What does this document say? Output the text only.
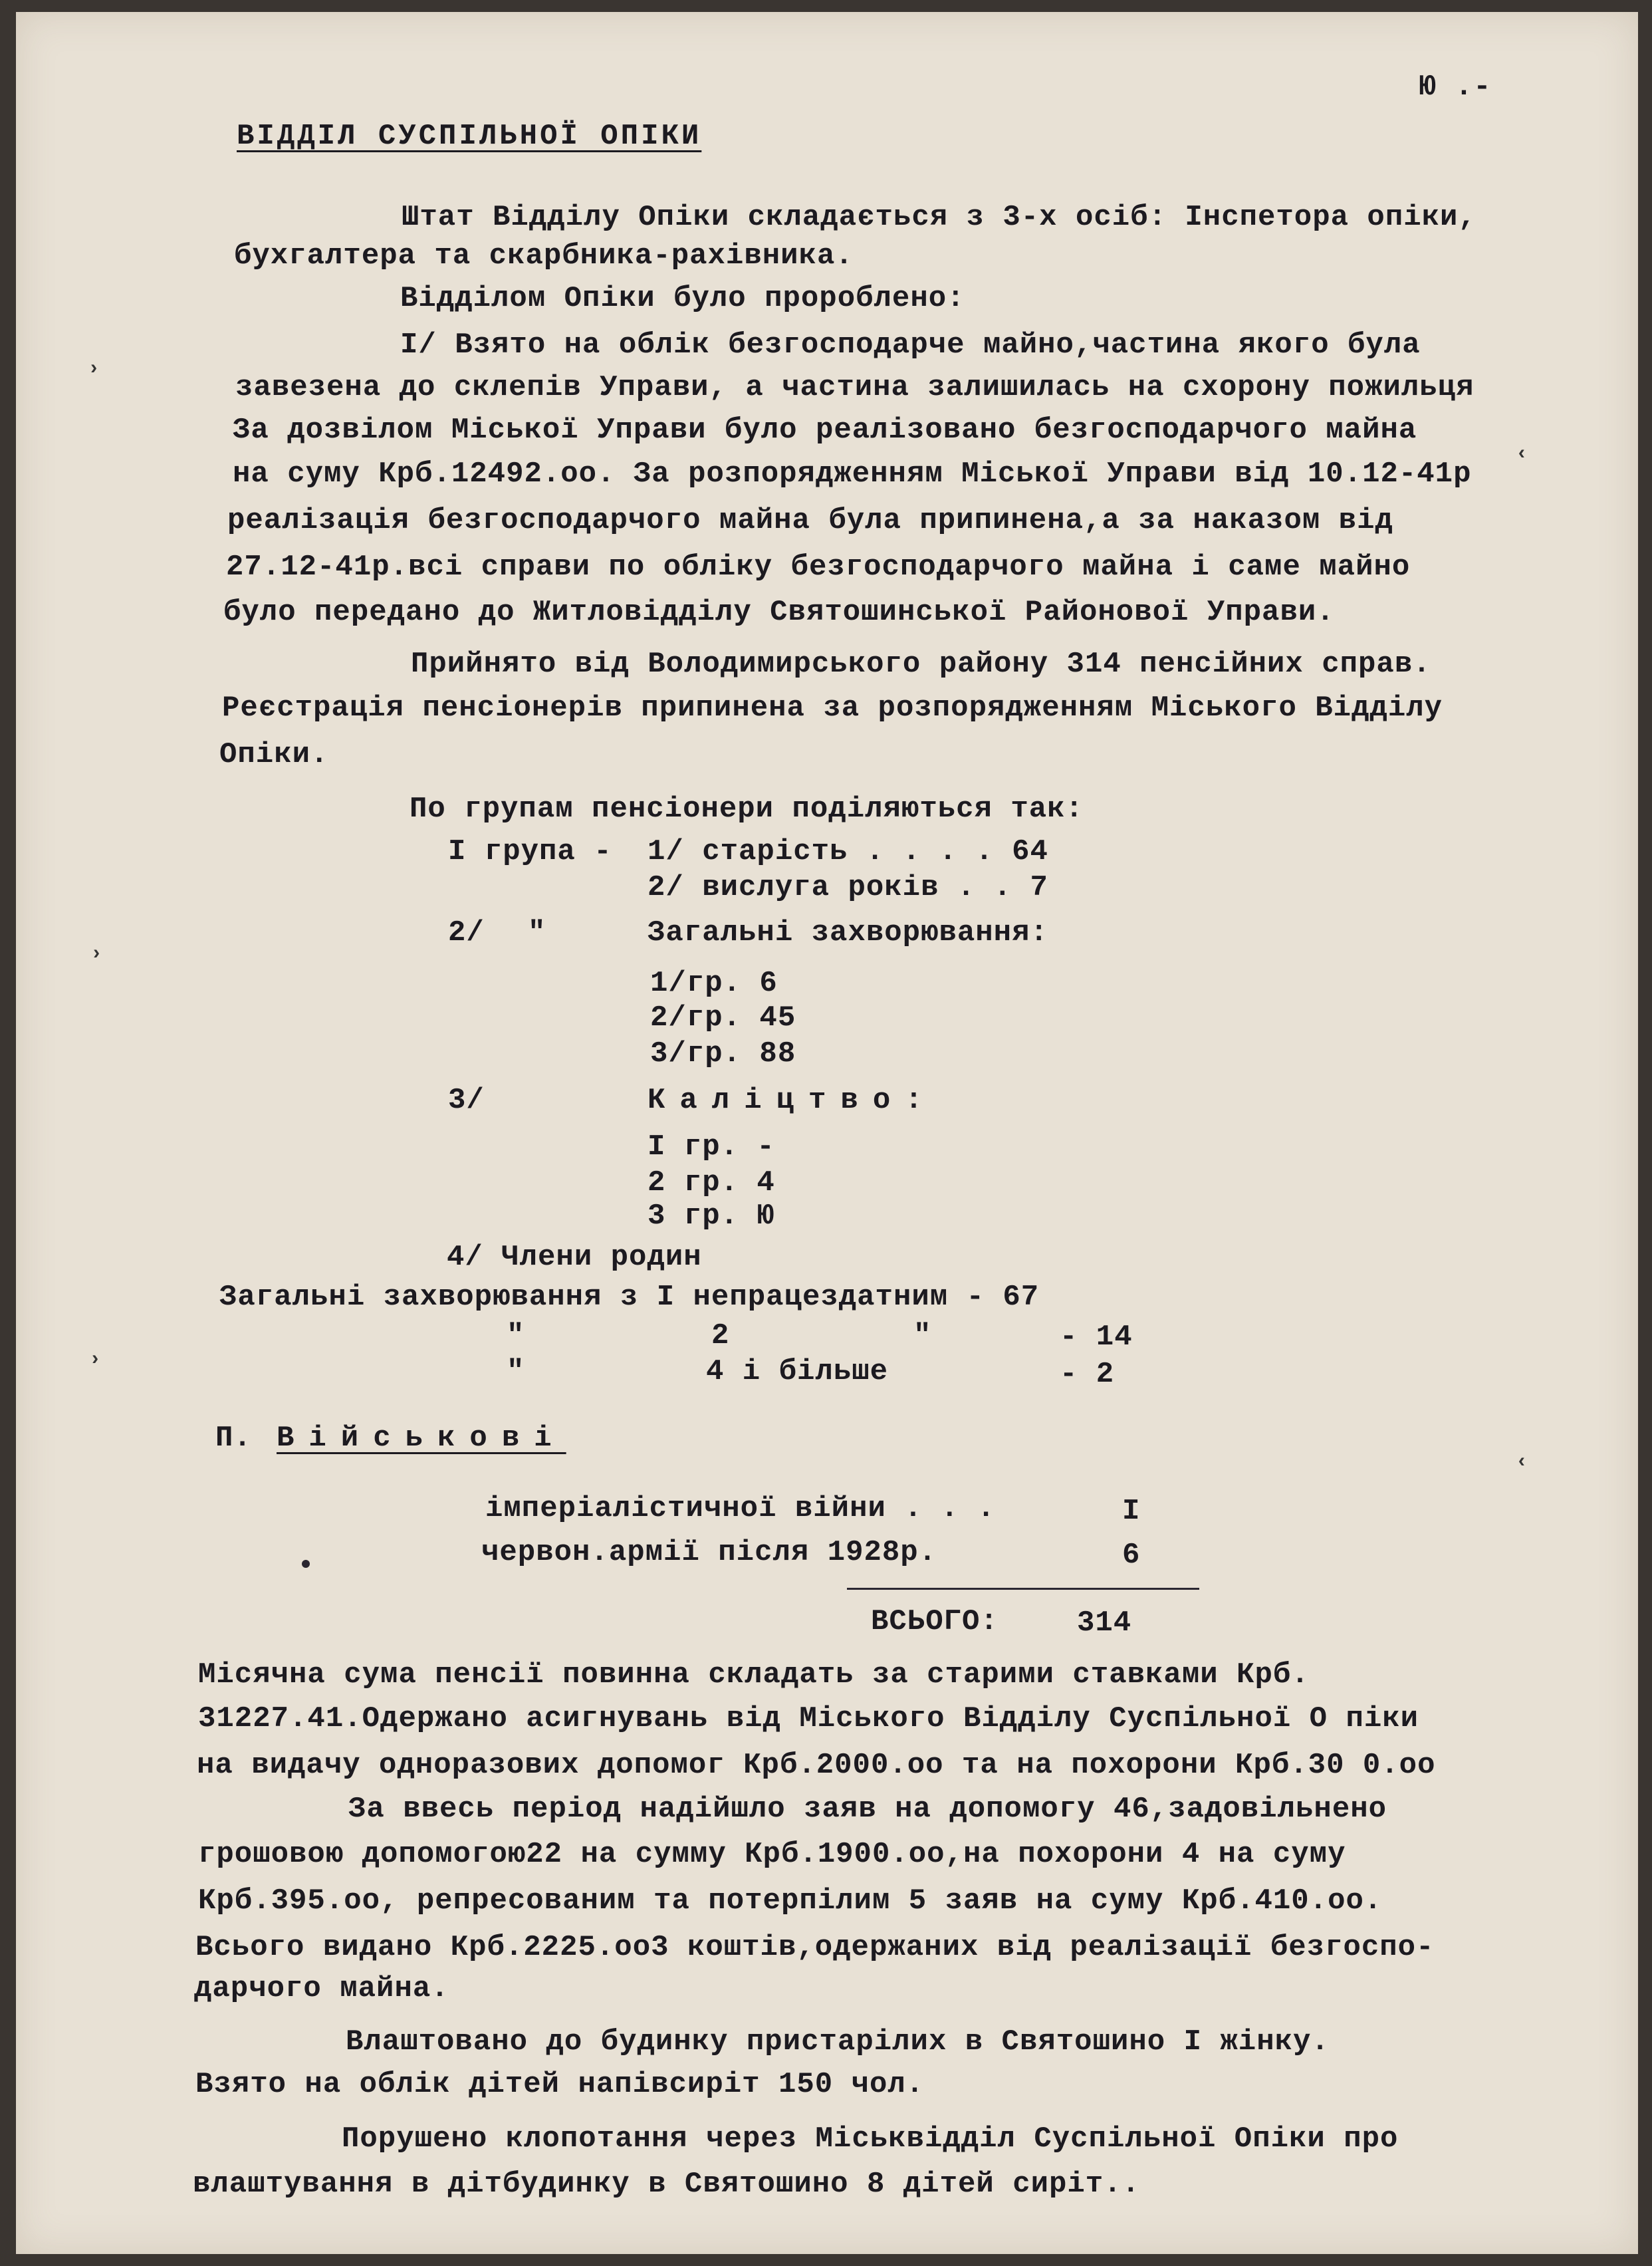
Ю .-
ВІДДІЛ СУСПІЛЬНОЇ ОПІКИ
Штат Відділу Опіки складається з 3-х осіб: Інспетора опіки,
бухгалтера та скарбника-рахівника.
Відділом Опіки було пророблено:
I/ Взято на облік безгосподарче майно,частина якого була
завезена до склепів Управи, а частина залишилась на схорону пожильця
За дозвілом Міської Управи було реалізовано безгосподарчого майна
на суму Крб.12492.оо. За розпорядженням Міської Управи від 10.12-41р
реалізація безгосподарчого майна була припинена,а за наказом від
27.12-41р.всі справи по обліку безгосподарчого майна і саме майно
було передано до Житловідділу Святошинської Районової Управи.
Прийнято від Володимирського району 314 пенсійних справ.
Реєстрація пенсіонерів припинена за розпорядженням Міського Відділу
Опіки.
По групам пенсіонери поділяються так:
I група - 1/ старість . . . . 64
2/ вислуга років . . 7
2/ "	Загальні захворювання:
1/гр. 6
2/гр. 45
3/гр. 88
3/	Калiцтво:
I гр. -
2 гр. 4
3 гр. Ю
4/ Члени родин
Загальні захворювання з I непрацездатним - 67
"	2	"	- 14
"	4 і більше	- 2
П. Військові
імперіалістичної війни . . .	I
червон.армії після 1928р.	6
ВСЬОГО:	314
Місячна сума пенсії повинна складать за старими ставками Крб.
31227.41.Одержано асигнувань від Міського Відділу Суспільної О піки
на видачу одноразових допомог Крб.2000.оо та на похорони Крб.30 0.оо
За ввесь період надійшло заяв на допомогу 46,задовільнено
грошовою допомогою22 на сумму Крб.1900.оо,на похорони 4 на суму
Крб.395.оо, репресованим та потерпілим 5 заяв на суму Крб.410.оо.
Всього видано Крб.2225.оо3 коштів,одержаних від реалізації безгоспо-
дарчого майна.
Влаштовано до будинку пристарілих в Святошино I жінку.
Взято на облік дітей напівсиріт 150 чол.
Порушено клопотання через Міськвiддiл Суспільної Опіки про
влаштування в дітбудинку в Святошино 8 дітей сиріт..
›
›
›
‹
‹
